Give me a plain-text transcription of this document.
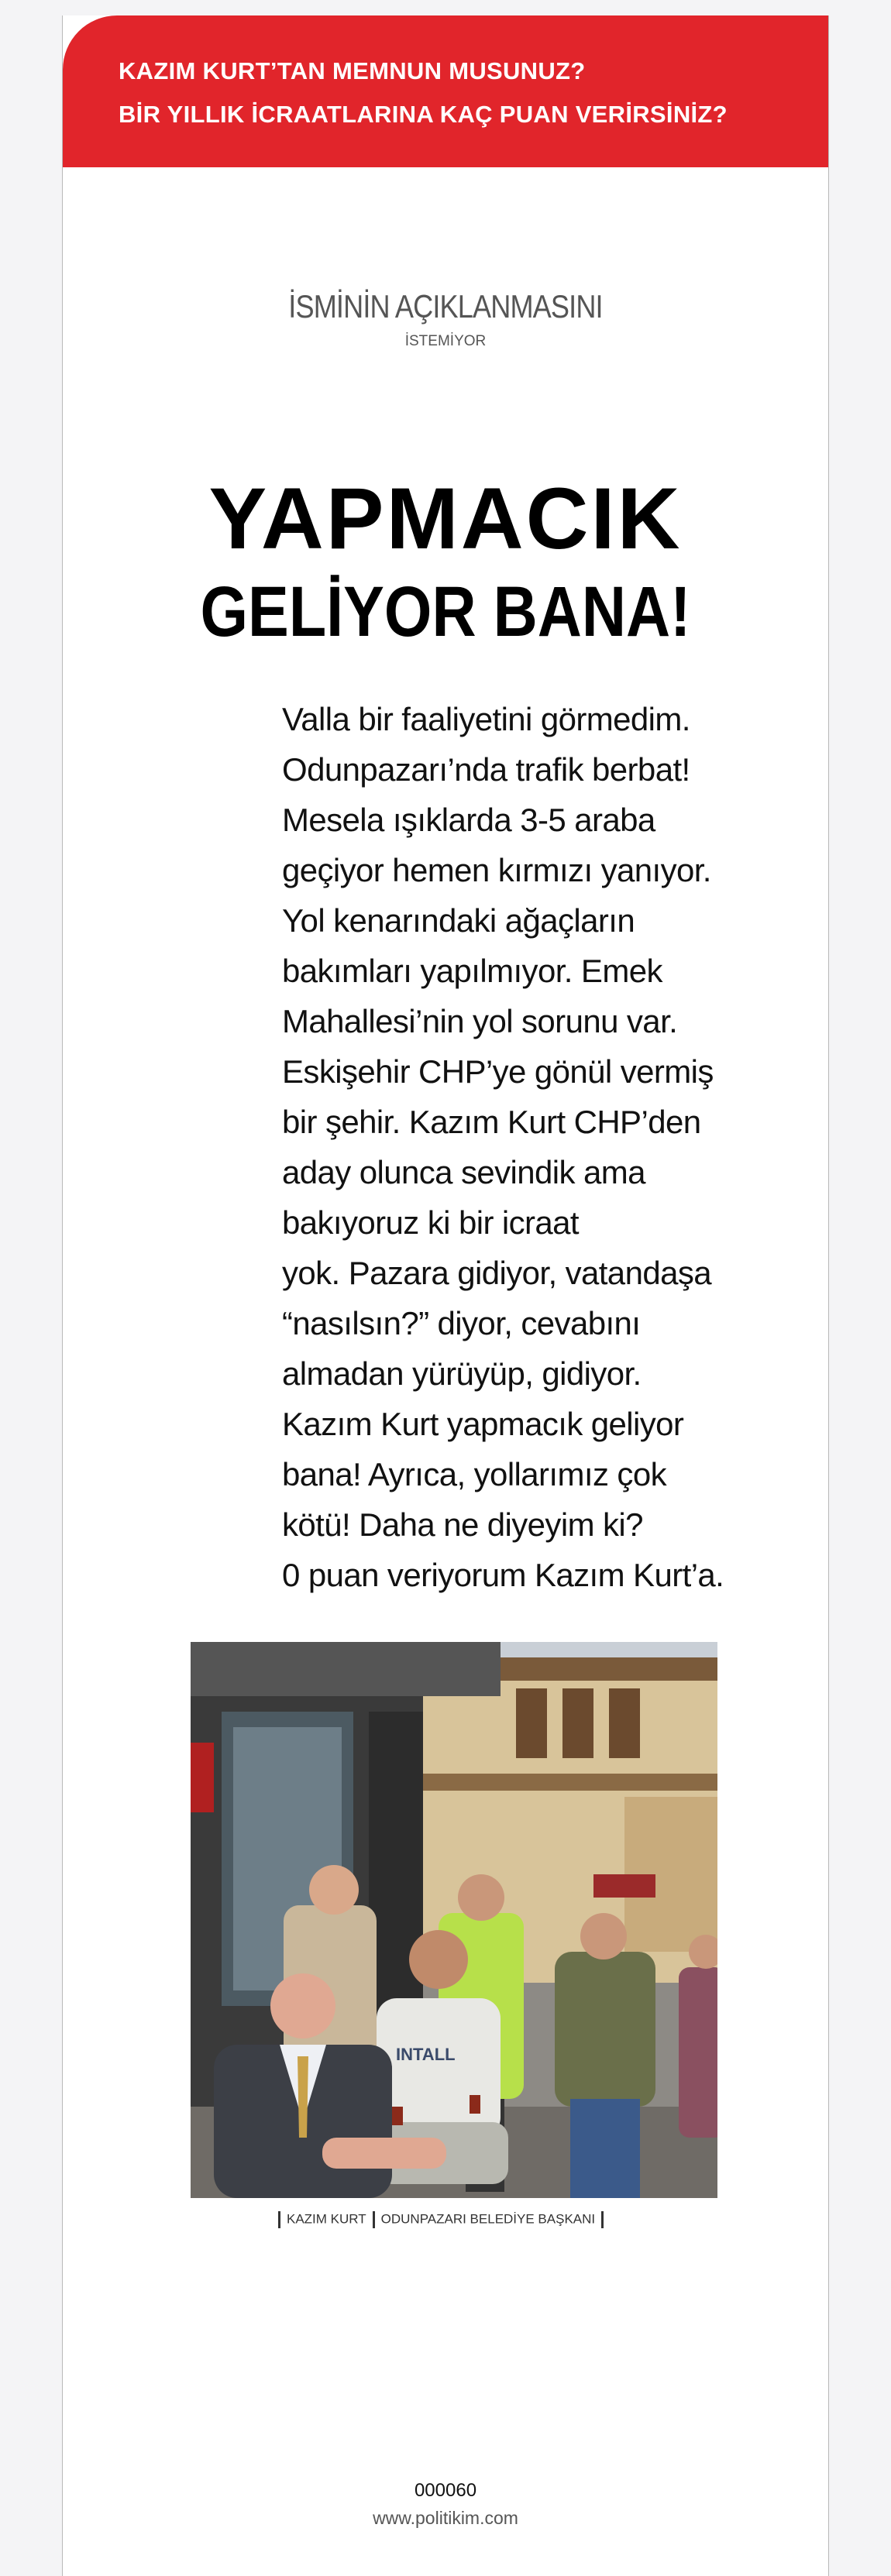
KAZIM KURT’TAN MEMNUN MUSUNUZ?
BİR YILLIK İCRAATLARINA KAÇ PUAN VERİRSİNİZ?
İSMİNİN AÇIKLANMASINI
İSTEMİYOR
YAPMACIK
GELİYOR BANA!
Valla bir faaliyetini görmedim.
Odunpazarı’nda trafik berbat!
Mesela ışıklarda 3-5 araba
geçiyor hemen kırmızı yanıyor.
Yol kenarındaki ağaçların
bakımları yapılmıyor. Emek
Mahallesi’nin yol sorunu var.
Eskişehir CHP’ye gönül vermiş
bir şehir. Kazım Kurt CHP’den
aday olunca sevindik ama
bakıyoruz ki bir icraat
yok. Pazara gidiyor, vatandaşa
“nasılsın?” diyor, cevabını
almadan yürüyüp, gidiyor.
Kazım Kurt yapmacık geliyor
bana! Ayrıca, yollarımız çok
kötü! Daha ne diyeyim ki?
0 puan veriyorum Kazım Kurt’a.
INTALL
KAZIM KURT ODUNPAZARI BELEDİYE BAŞKANI
000060
www.politikim.com
